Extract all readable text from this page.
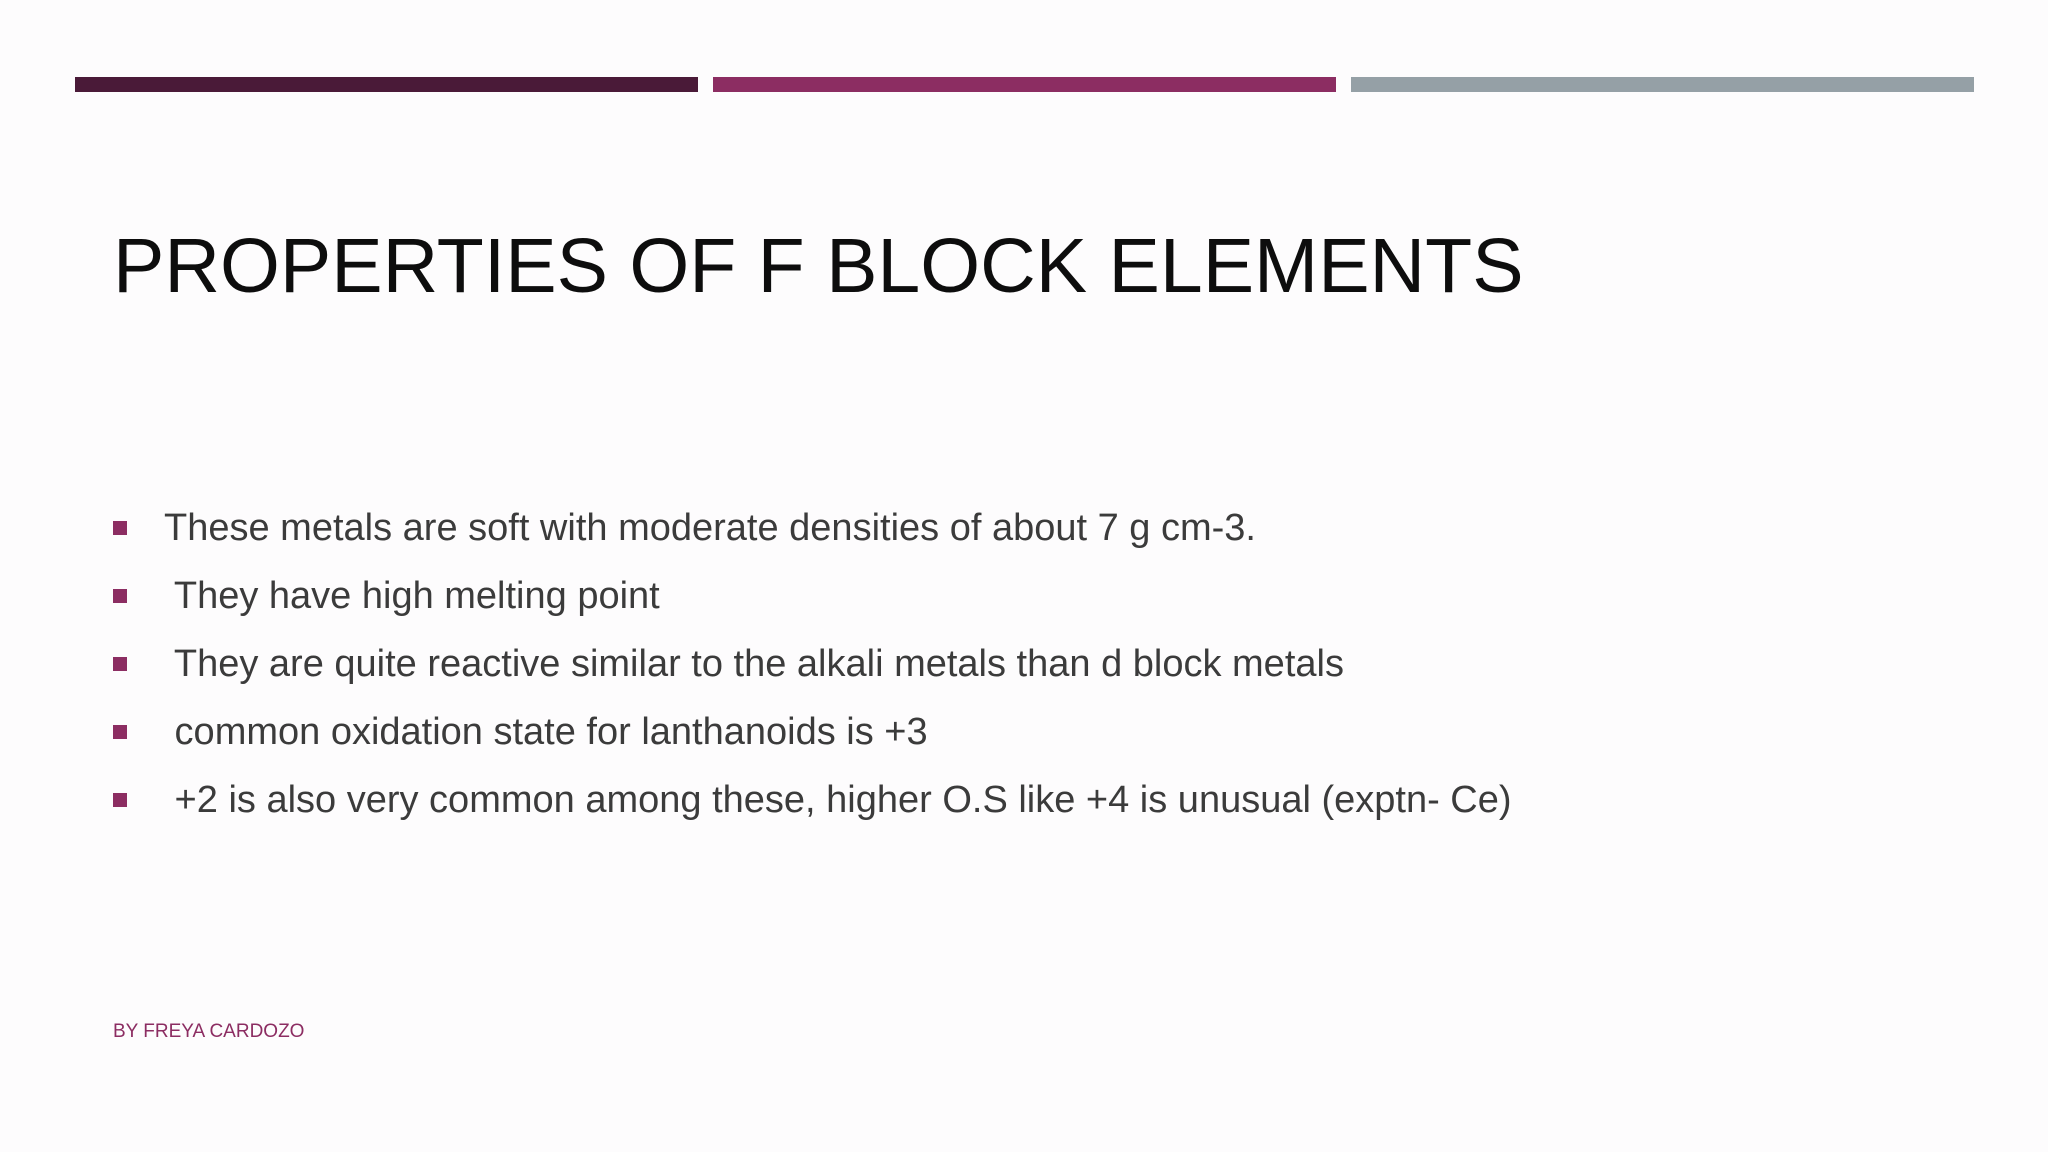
PROPERTIES OF F BLOCK ELEMENTS
These metals are soft with moderate densities of about 7 g cm-3.
They have high melting point
They are quite reactive similar to the alkali metals than d block metals
common oxidation state for lanthanoids is +3
+2 is also very common among these, higher O.S like +4 is unusual (exptn- Ce)
BY FREYA CARDOZO
